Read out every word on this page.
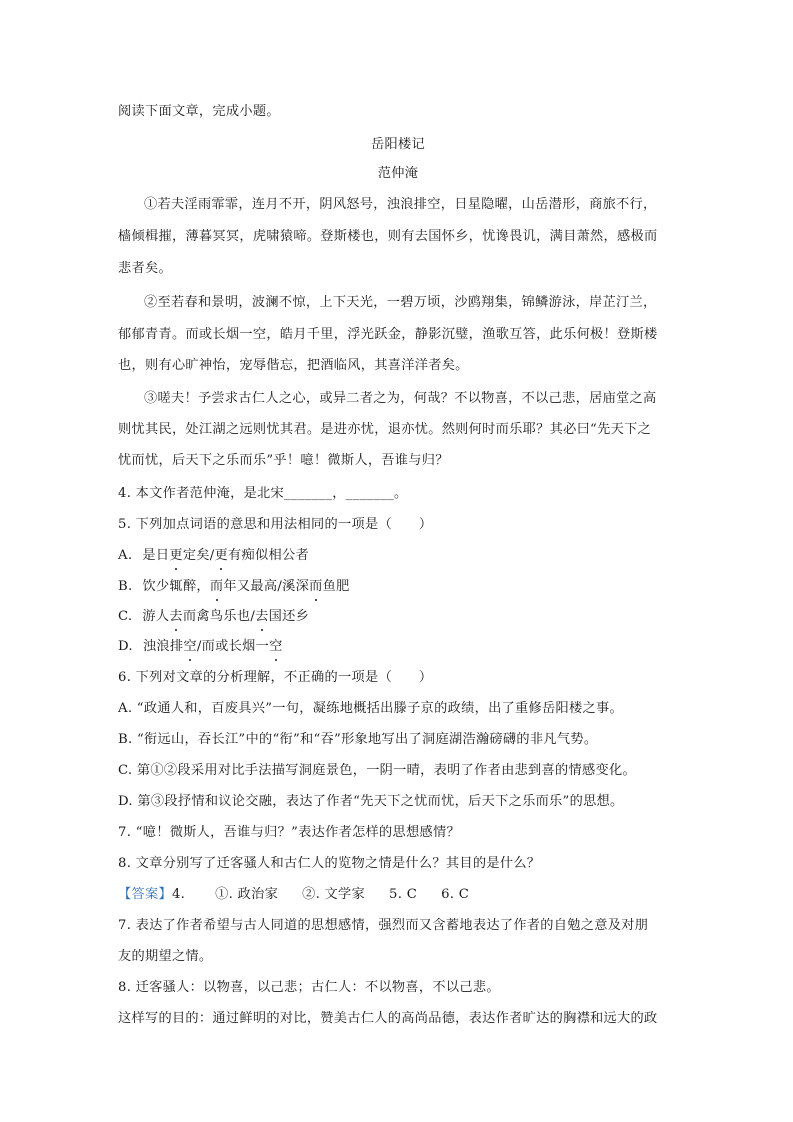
阅读下面文章，完成小题。
岳阳楼记
范仲淹
①若夫淫雨霏霏，连月不开，阴风怒号，浊浪排空，日星隐曜，山岳潜形，商旅不行，
樯倾楫摧，薄暮冥冥，虎啸猿啼。登斯楼也，则有去国怀乡，忧谗畏讥，满目萧然，感极而
悲者矣。
②至若春和景明，波澜不惊，上下天光，一碧万顷，沙鸥翔集，锦鳞游泳，岸芷汀兰，
郁郁青青。而或长烟一空，皓月千里，浮光跃金，静影沉璧，渔歌互答，此乐何极！登斯楼
也，则有心旷神怡，宠辱偕忘，把酒临风，其喜洋洋者矣。
③嗟夫！予尝求古仁人之心，或异二者之为，何哉？不以物喜，不以己悲，居庙堂之高
则忧其民，处江湖之远则忧其君。是进亦忧，退亦忧。然则何时而乐耶？其必曰“先天下之
忧而忧，后天下之乐而乐”乎！噫！微斯人，吾谁与归？
4. 本文作者范仲淹，是北宋_______，_______。
5. 下列加点词语的意思和用法相同的一项是（　　）
A. 是日更定矣/更有痴似相公者
B. 饮少辄醉，而年又最高/溪深而鱼肥
C. 游人去而禽鸟乐也/去国还乡
D. 浊浪排空/而或长烟一空
6. 下列对文章的分析理解，不正确的一项是（　　）
A. “政通人和，百废具兴”一句，凝练地概括出滕子京的政绩，出了重修岳阳楼之事。
B. “衔远山，吞长江”中的“衔”和“吞”形象地写出了洞庭湖浩瀚磅礴的非凡气势。
C. 第①②段采用对比手法描写洞庭景色，一阴一晴，表明了作者由悲到喜的情感变化。
D. 第③段抒情和议论交融，表达了作者“先天下之忧而忧，后天下之乐而乐”的思想。
7. “噫！微斯人，吾谁与归？”表达作者怎样的思想感情？
8. 文章分别写了迁客骚人和古仁人的览物之情是什么？其目的是什么？
【答案】4. ①. 政治家 ②. 文学家 5. C 6. C
7. 表达了作者希望与古人同道的思想感情，强烈而又含蓄地表达了作者的自勉之意及对朋
友的期望之情。
8. 迁客骚人：以物喜，以己悲；古仁人：不以物喜，不以己悲。
这样写的目的：通过鲜明的对比，赞美古仁人的高尚品德，表达作者旷达的胸襟和远大的政
